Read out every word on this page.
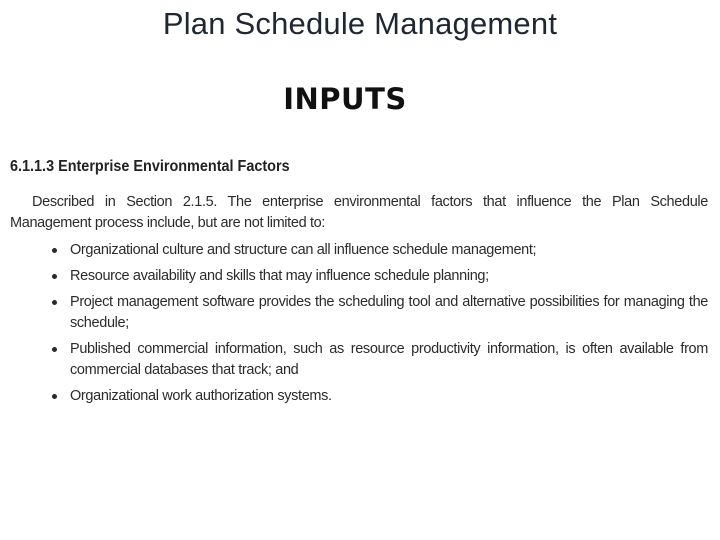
Plan Schedule Management
INPUTS
6.1.1.3 Enterprise Environmental Factors

Described in Section 2.1.5. The enterprise environmental factors that influence the Plan Schedule Management process include, but are not limited to:

Organizational culture and structure can all influence schedule management;
Resource availability and skills that may influence schedule planning;
Project management software provides the scheduling tool and alternative possibilities for managing the schedule;
Published commercial information, such as resource productivity information, is often available from commercial databases that track; and
Organizational work authorization systems.
